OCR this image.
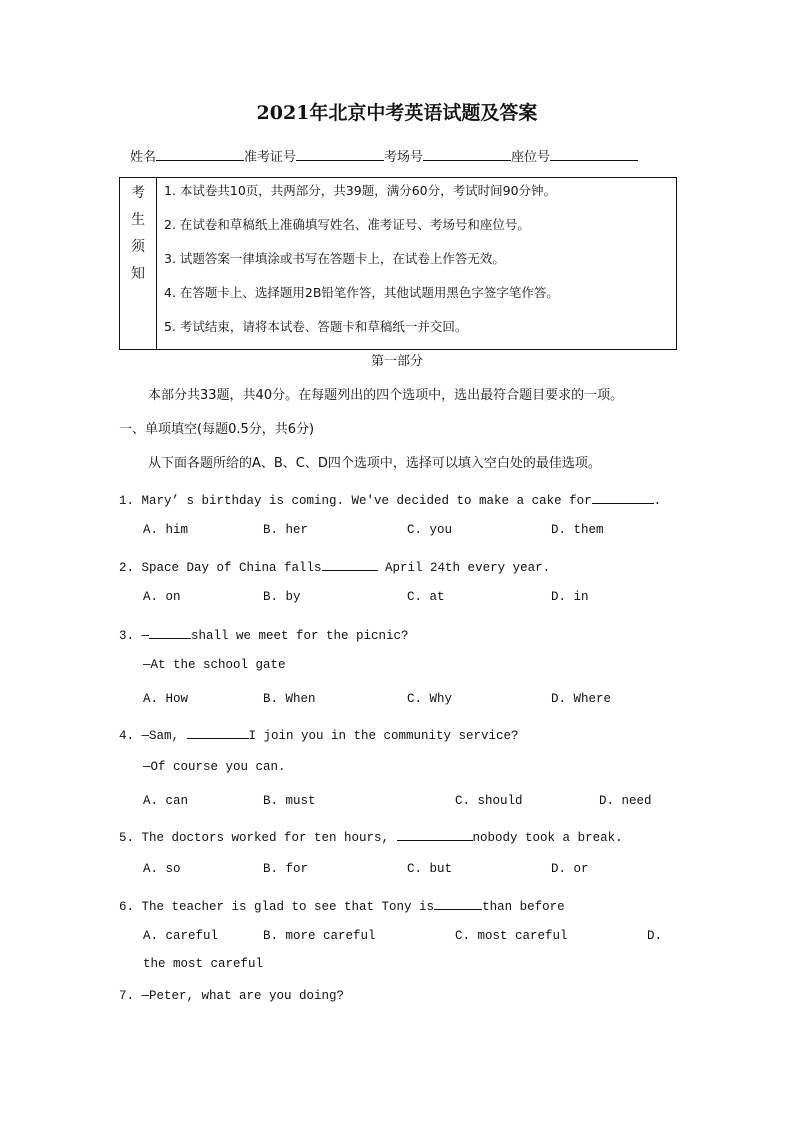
2021年北京中考英语试题及答案
姓名	准考证号	考场号	座位号
考
生
须
知
1. 本试卷共10页，共两部分，共39题，满分60分，考试时间90分钟。
2. 在试卷和草稿纸上准确填写姓名、准考证号、考场号和座位号。
3. 试题答案一律填涂或书写在答题卡上，在试卷上作答无效。
4. 在答题卡上、选择题用2B铅笔作答，其他试题用黑色字签字笔作答。
5. 考试结束，请将本试卷、答题卡和草稿纸一并交回。
第一部分
本部分共33题，共40分。在每题列出的四个选项中，选出最符合题目要求的一项。
一、单项填空(每题0.5分，共6分)
从下面各题所给的A、B、C、D四个选项中，选择可以填入空白处的最佳选项。
1. Mary’ s birthday is coming. We've decided to make a cake for	.
A. him	B. her	C. you	D. them
2. Space Day of China falls	April 24th every year.
A. on	B. by	C. at	D. in
3. —	shall we meet for the picnic?
—At the school gate
A. How	B. When	C. Why	D. Where
4. —Sam,	I join you in the community service?
—Of course you can.
A. can	B. must	C. should	D. need
5. The doctors worked for ten hours,	nobody took a break.
A. so	B. for	C. but	D. or
6. The teacher is glad to see that Tony is	than before
A. careful	B. more careful	C. most careful	D.
the most careful
7. —Peter, what are you doing?
